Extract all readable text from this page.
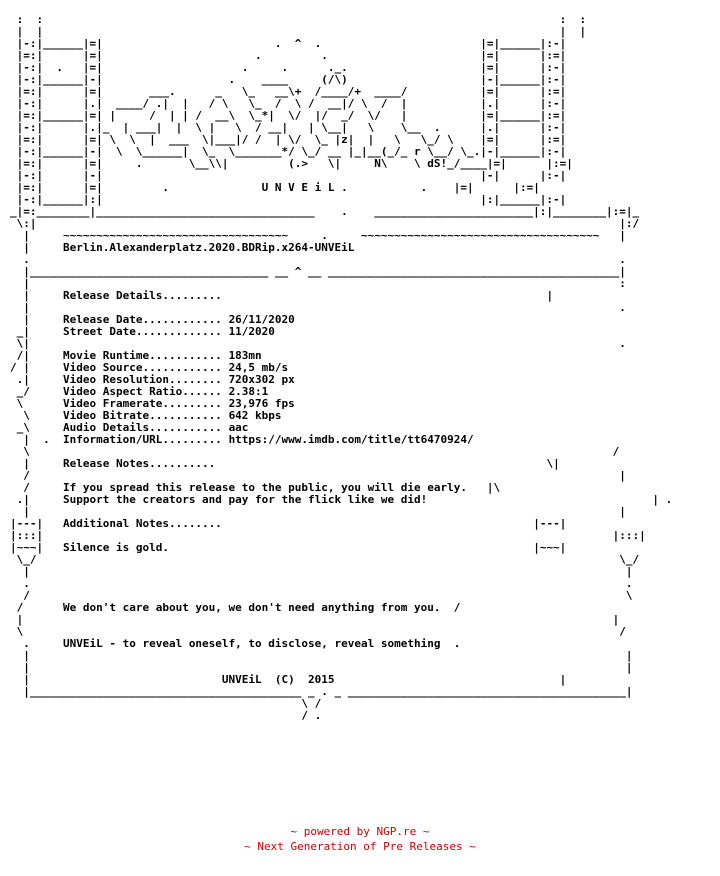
:  :                                                                              :  :
|  |                                                                              |  |
|-:|______|=|                          .  ^  .                        |=|______|:-|
|=:|      |=|                       .         .                       |=|      |:=|
|-:|  .   |=|                     .     .      ._.                    |=|      |:-|
|-:|______|-|                   .    ____     (/\)                    |-|______|:-|
|=:|      |=|       ___.      _   \_   __\+  /____/+  ____/           |=|      |:=|
|-:|      |.|  ____/ .|  |   / \   \_  /  \ /  __|/ \  /  |           |.|      |:-|
|=:|______|=| |     /  | | /  __\  \_*|  \/  |/  _/  \/   |           |=|______|:=|
|-:|      |.|_  | ___|  |  \ |   \  / __|   | \__|   \    \__  .      |.|      |:-|
|=:|      |=| \  \  |  ___  \|___|/ /  | \/  \_ |z|  |   \   \_/ \    |=|      |:=|
|-:|______|-|  \  \______|  \_  \_______*/ \_/ __ |_|__(_/_ r \__/ \_.|-|______|:-|
|=:|      |=|     .       \__\\|         (.>   \|     N\    \ dS!_/____|=|      |:=|
|-:|      |-|                                                         |-|      |:-|
|=:|      |=|         .	U N V E i L .           .    |=|      |:=|
|-:|______|:|                                                         |:|______|:-|
_|=:________|_________________________________    .    ________________________|:|________|:=|_
\:|                                                                                        |:/
|     ~~~~~~~~~~~~~~~~~~~~~~~~~~~~~~~~~~     .     ~~~~~~~~~~~~~~~~~~~~~~~~~~~~~~~~~~~~   |
|	Berlin.Alexanderplatz.2020.BDRip.x264-UNVEiL
.                                                                                         .
|____________________________________ __ ^ __ ____________________________________________|
|                                                                                         :
|	Release Details.........	|
|                                                                                         .
|	Release Date............ 26/11/2020
_|	Street Date............. 11/2020
\|                                                                                         .
/|	Movie Runtime........... 183mn
/ |	Video Source............ 24,5 mb/s
.|	Video Resolution........ 720x302 px
_/	Video Aspect Ratio...... 2.38:1
\	Video Framerate......... 23,976 fps
\	Video Bitrate........... 642 kbps
_\	Audio Details........... aac
|  .  Information/URL......... https://www.imdb.com/title/tt6470924/
\                                                                                        /
|	Release Notes..........	\|
/                                                                                         |
/	If you spread this release to the public, you will die early.   |\
.|	Support the creators and pay for the flick like we did!	| .
|                                                                                         |
|---|   Additional Notes........	|---|
|:::|                                                                                      |:::|
|~~~|   Silence is gold.	|~~~|
\_/                                                                                        \_/
|                                                                                          |
.                                                                                          .
/                                                                                          \
/	We don't care about you, we don't need anything from you.  /
|                                                                                         |
\                                                                                          /
.	UNVEiL - to reveal oneself, to disclose, reveal something  .
|                                                                                          |
|                                                                                          |
|	UNVEiL  (C)  2015	|
|_________________________________________ _ . _ __________________________________________|
\ /
/ .

~ powered by NGP.re ~
~ Next Generation of Pre Releases ~
